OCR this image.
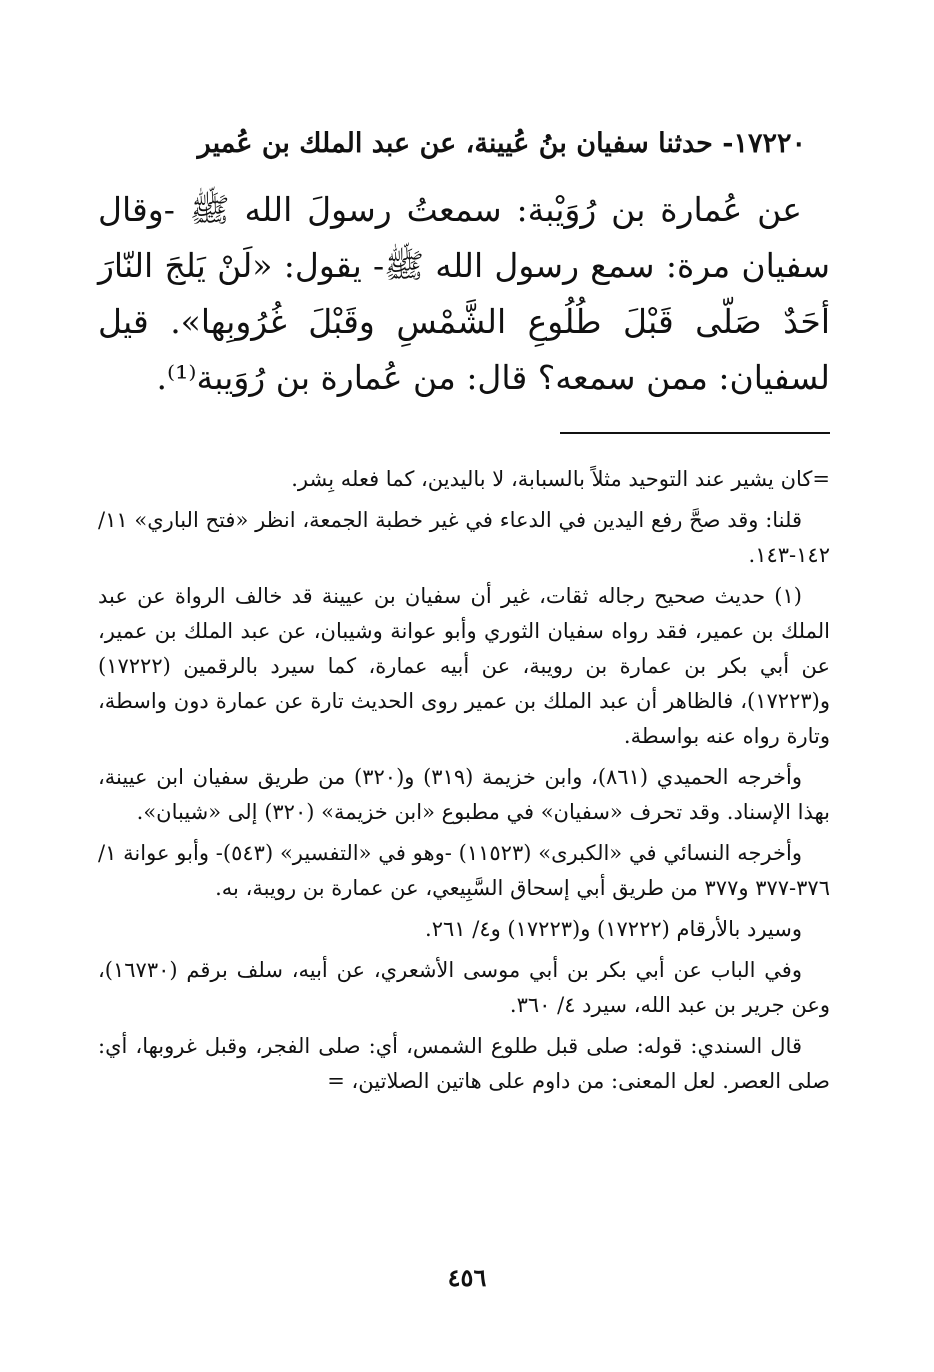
١٧٢٢٠- حدثنا سفيان بنُ عُيينة، عن عبد الملك بن عُمير
عن عُمارة بن رُوَيْبة: سمعتُ رسولَ الله ﷺ -وقال سفيان مرة: سمع رسول الله ﷺ- يقول: «لَنْ يَلجَ النّارَ أحَدٌ صَلّى قَبْلَ طُلُوعِ الشَّمْسِ وقَبْلَ غُرُوبِها». قيل لسفيان: ممن سمعه؟ قال: من عُمارة بن رُوَيبة⁽¹⁾.

=كان يشير عند التوحيد مثلاً بالسبابة، لا باليدين، كما فعله بِشر.

قلنا: وقد صحَّ رفع اليدين في الدعاء في غير خطبة الجمعة، انظر «فتح الباري» ١١/ ١٤٢-١٤٣.

(١) حديث صحيح رجاله ثقات، غير أن سفيان بن عيينة قد خالف الرواة عن عبد الملك بن عمير، فقد رواه سفيان الثوري وأبو عوانة وشيبان، عن عبد الملك بن عمير، عن أبي بكر بن عمارة بن رويبة، عن أبيه عمارة، كما سيرد بالرقمين (١٧٢٢٢) و(١٧٢٢٣)، فالظاهر أن عبد الملك بن عمير روى الحديث تارة عن عمارة دون واسطة، وتارة رواه عنه بواسطة.

وأخرجه الحميدي (٨٦١)، وابن خزيمة (٣١٩) و(٣٢٠) من طريق سفيان ابن عيينة، بهذا الإسناد. وقد تحرف «سفيان» في مطبوع «ابن خزيمة» (٣٢٠) إلى «شيبان».

وأخرجه النسائي في «الكبرى» (١١٥٢٣) -وهو في «التفسير» (٥٤٣)- وأبو عوانة ١/ ٣٧٦-٣٧٧ و٣٧٧ من طريق أبي إسحاق السَّبِيعي، عن عمارة بن رويبة، به.

وسيرد بالأرقام (١٧٢٢٢) و(١٧٢٢٣) و٤/ ٢٦١.

وفي الباب عن أبي بكر بن أبي موسى الأشعري، عن أبيه، سلف برقم (١٦٧٣٠)، وعن جرير بن عبد الله، سيرد ٤/ ٣٦٠.

قال السندي: قوله: صلى قبل طلوع الشمس، أي: صلى الفجر، وقبل غروبها، أي: صلى العصر. لعل المعنى: من داوم على هاتين الصلاتين، =

٤٥٦
